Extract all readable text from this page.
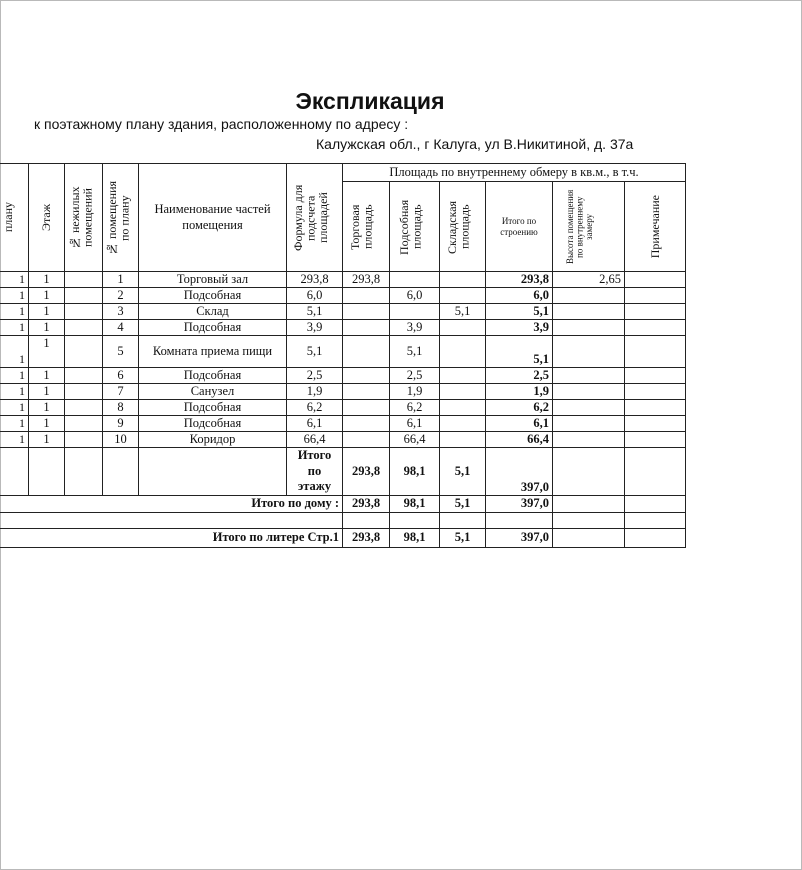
Экспликация
к поэтажному плану здания, расположенному по адресу :
Калужская обл., г Калуга, ул В.Никитиной, д. 37а
плану	Этаж	№ нежилых помещений	№ помещения по плану	Наименование частей помещения	Формула для подсчета площадей	Площадь по внутреннему обмеру в кв.м., в т.ч.					

						Торговая площадь	Подсобная площадь	Складская площадь	Итого по строению	Высота помещения по внутреннему замеру	Примечание

1	1		1	Торговый зал	293,8	293,8			293,8	2,65	
1	1		2	Подсобная	6,0		6,0		6,0		
1	1		3	Склад	5,1			5,1	5,1		
1	1		4	Подсобная	3,9		3,9		3,9		
1	1		5	Комната приема пищи	5,1		5,1		5,1		
1	1		6	Подсобная	2,5		2,5		2,5		
1	1		7	Санузел	1,9		1,9		1,9		
1	1		8	Подсобная	6,2		6,2		6,2		
1	1		9	Подсобная	6,1		6,1		6,1		
1	1		10	Коридор	66,4		66,4		66,4		
					Итого по этажу	293,8	98,1	5,1	397,0		
Итого по дому :						293,8	98,1	5,1	397,0		

Итого по литере Стр.1						293,8	98,1	5,1	397,0		
